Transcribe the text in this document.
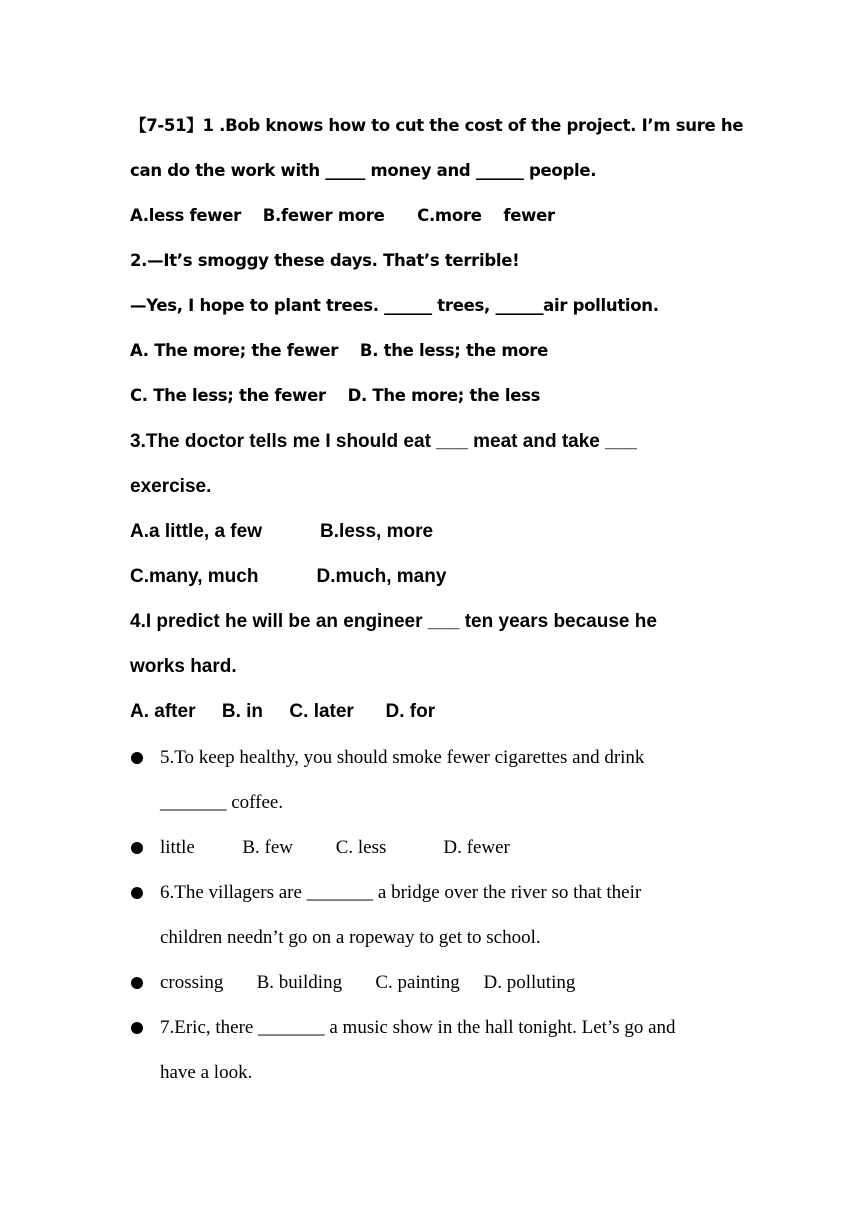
【7-51】1 .Bob knows how to cut the cost of the project. I’m sure he
can do the work with _____ money and ______ people.
A.less fewer    B.fewer more      C.more    fewer
2.—It’s smoggy these days. That’s terrible!
—Yes, I hope to plant trees. ______ trees, ______air pollution.
A. The more; the fewer    B. the less; the more
C. The less; the fewer    D. The more; the less
3.The doctor tells me I should eat ___ meat and take ___
exercise.
A.a little, a few           B.less, more
C.many, much           D.much, many
4.I predict he will be an engineer ___ ten years because he
works hard.
A. after     B. in     C. later      D. for
5.To keep healthy, you should smoke fewer cigarettes and drink
_______ coffee.
little          B. few         C. less            D. fewer
6.The villagers are _______ a bridge over the river so that their
children needn’t go on a ropeway to get to school.
crossing       B. building       C. painting     D. polluting
7.Eric, there _______ a music show in the hall tonight. Let’s go and
have a look.
